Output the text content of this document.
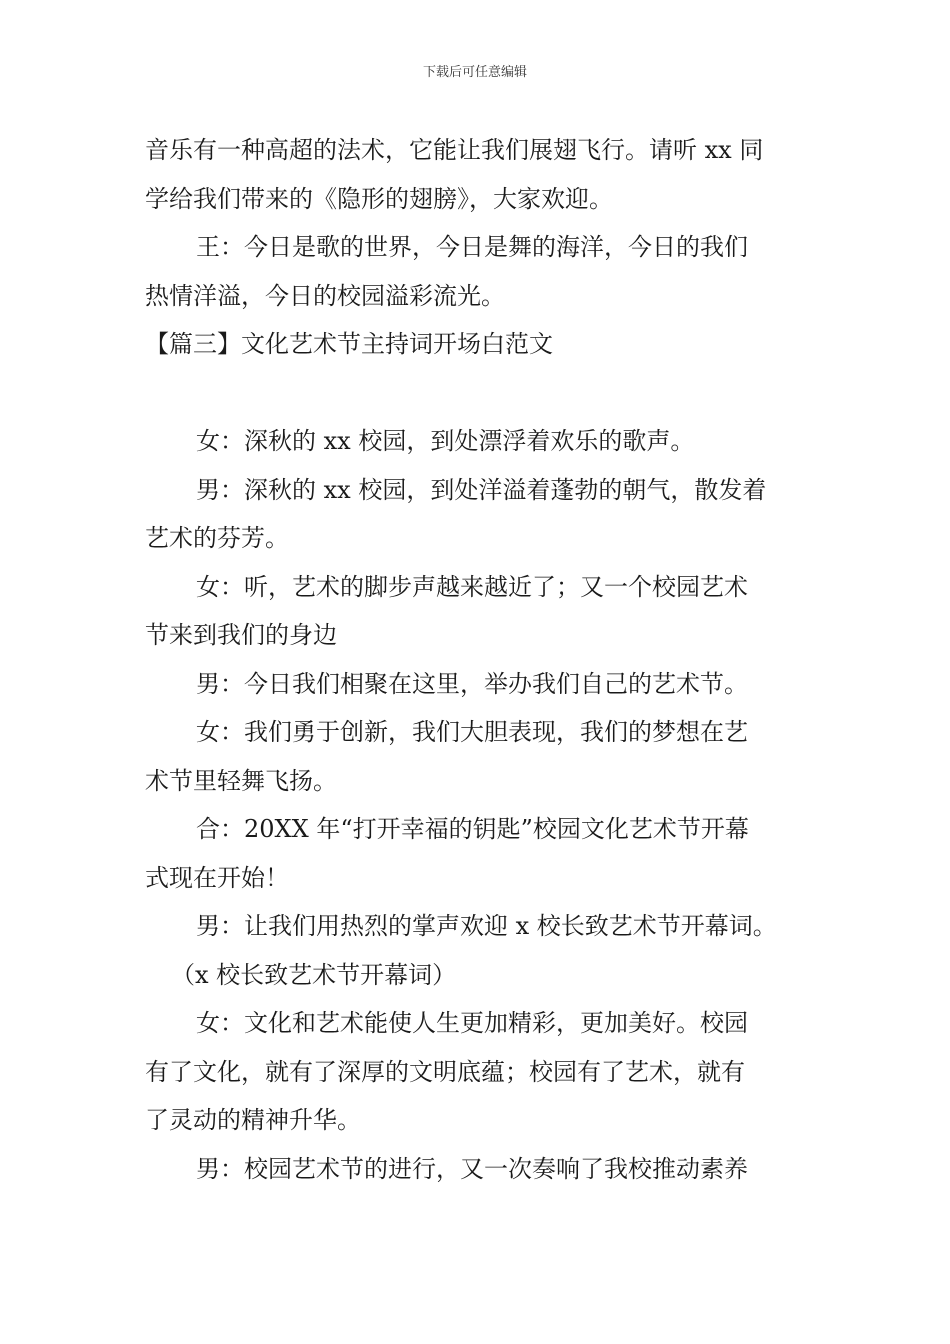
下载后可任意编辑
音乐有一种高超的法术，它能让我们展翅飞行。请听 xx 同
学给我们带来的《隐形的翅膀》，大家欢迎。
王：今日是歌的世界，今日是舞的海洋，今日的我们
热情洋溢，今日的校园溢彩流光。
【篇三】文化艺术节主持词开场白范文
女：深秋的 xx 校园，到处漂浮着欢乐的歌声。
男：深秋的 xx 校园，到处洋溢着蓬勃的朝气，散发着
艺术的芬芳。
女：听，艺术的脚步声越来越近了；又一个校园艺术
节来到我们的身边
男：今日我们相聚在这里，举办我们自己的艺术节。
女：我们勇于创新，我们大胆表现，我们的梦想在艺
术节里轻舞飞扬。
合：20XX 年“打开幸福的钥匙”校园文化艺术节开幕
式现在开始！
男：让我们用热烈的掌声欢迎 x 校长致艺术节开幕词。
（x 校长致艺术节开幕词）
女：文化和艺术能使人生更加精彩，更加美好。校园
有了文化，就有了深厚的文明底蕴；校园有了艺术，就有
了灵动的精神升华。
男：校园艺术节的进行，又一次奏响了我校推动素养
